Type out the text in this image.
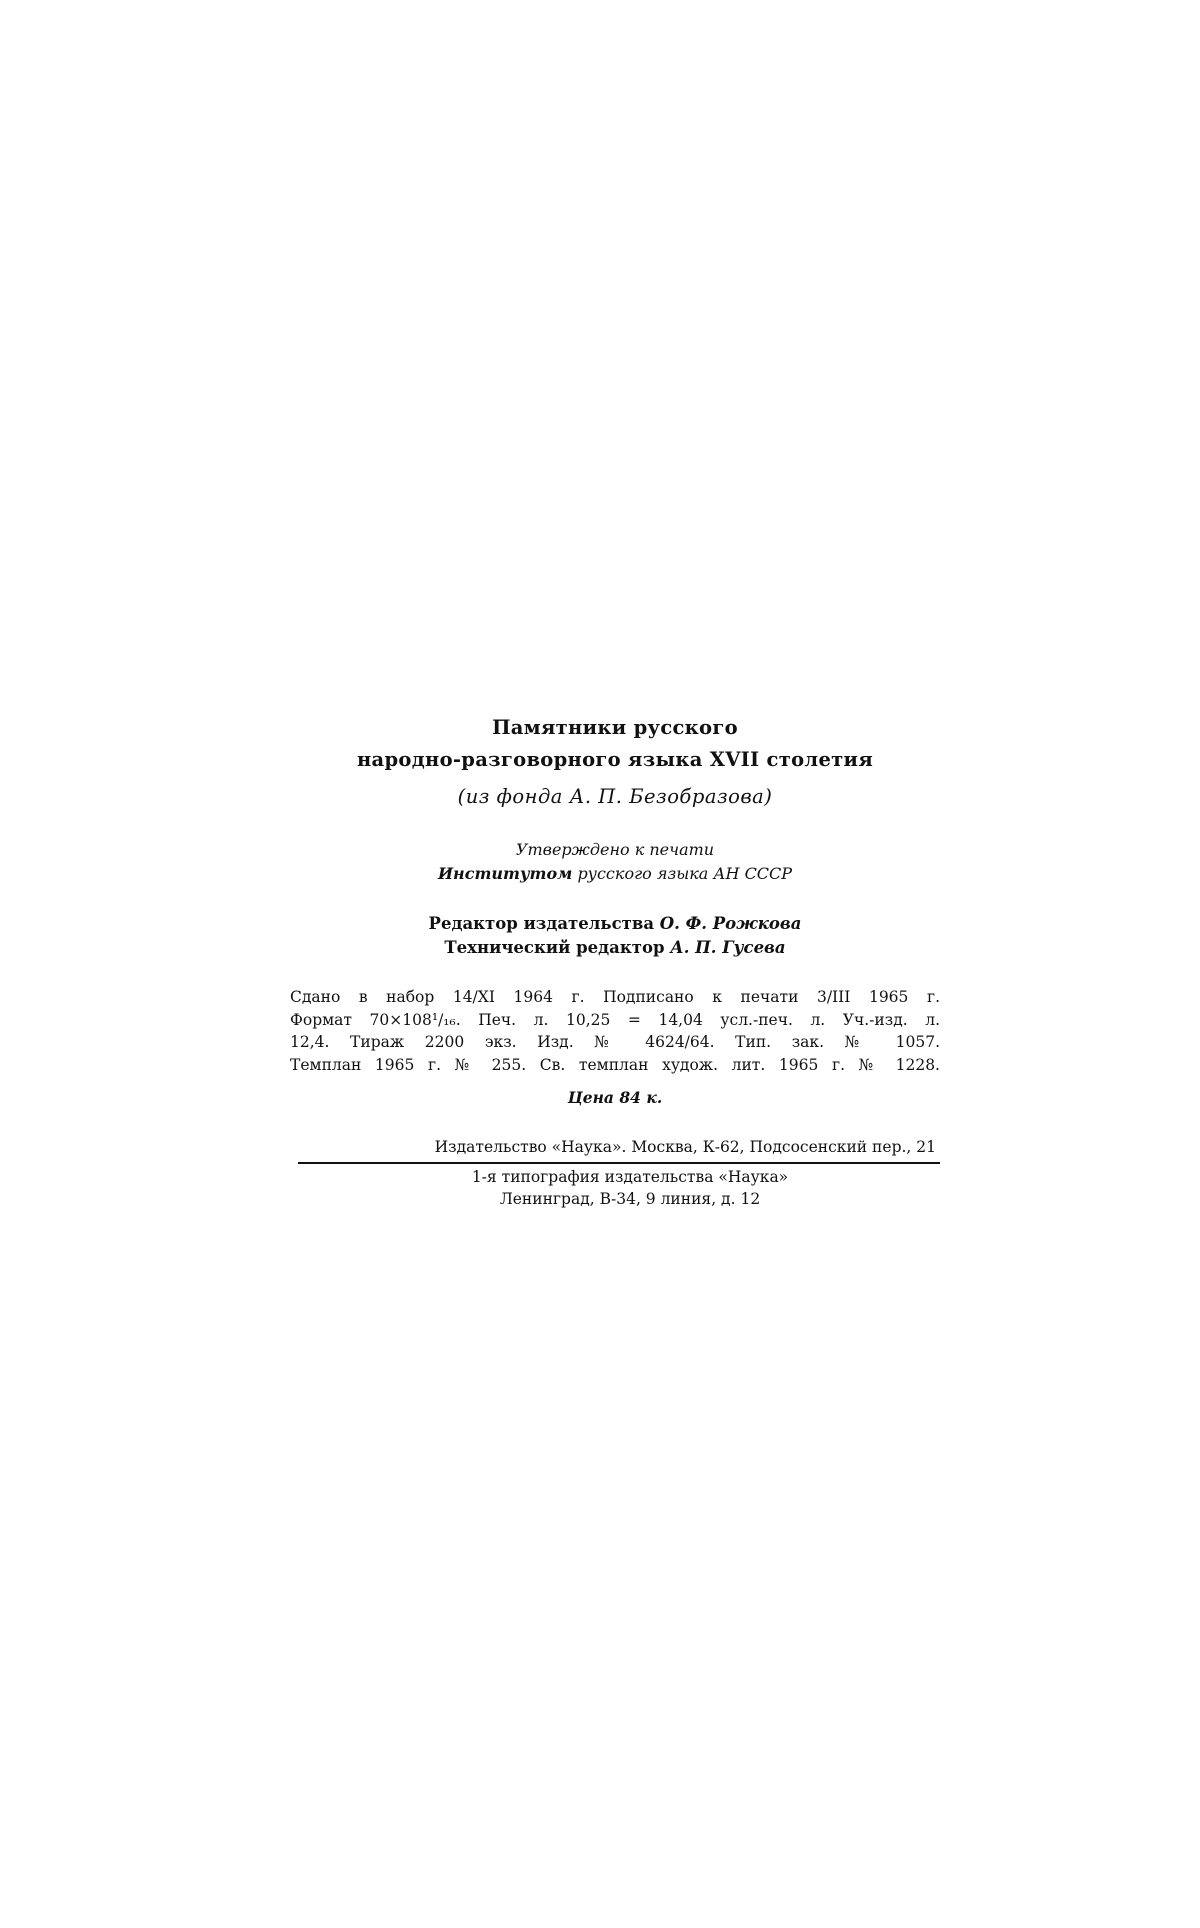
Памятники русского
народно-разговорного языка XVII столетия
(из фонда А. П. Безобразова)
Утверждено к печати
Институтом русского языка АН СССР
Редактор издательства О. Ф. Рожкова
Технический редактор А. П. Гусева
Сдано в набор 14/XI 1964 г. Подписано к печати 3/III 1965 г.
Формат 70×108¹/₁₆. Печ. л. 10,25 = 14,04 усл.-печ. л. Уч.-изд. л.
12,4. Тираж 2200 экз. Изд. № 4624/64. Тип. зак. № 1057.
Темплан 1965 г. № 255. Св. темплан худож. лит. 1965 г. № 1228.
Цена 84 к.
Издательство «Наука». Москва, К-62, Подсосенский пер., 21
1-я типография издательства «Наука»
Ленинград, В-34, 9 линия, д. 12
